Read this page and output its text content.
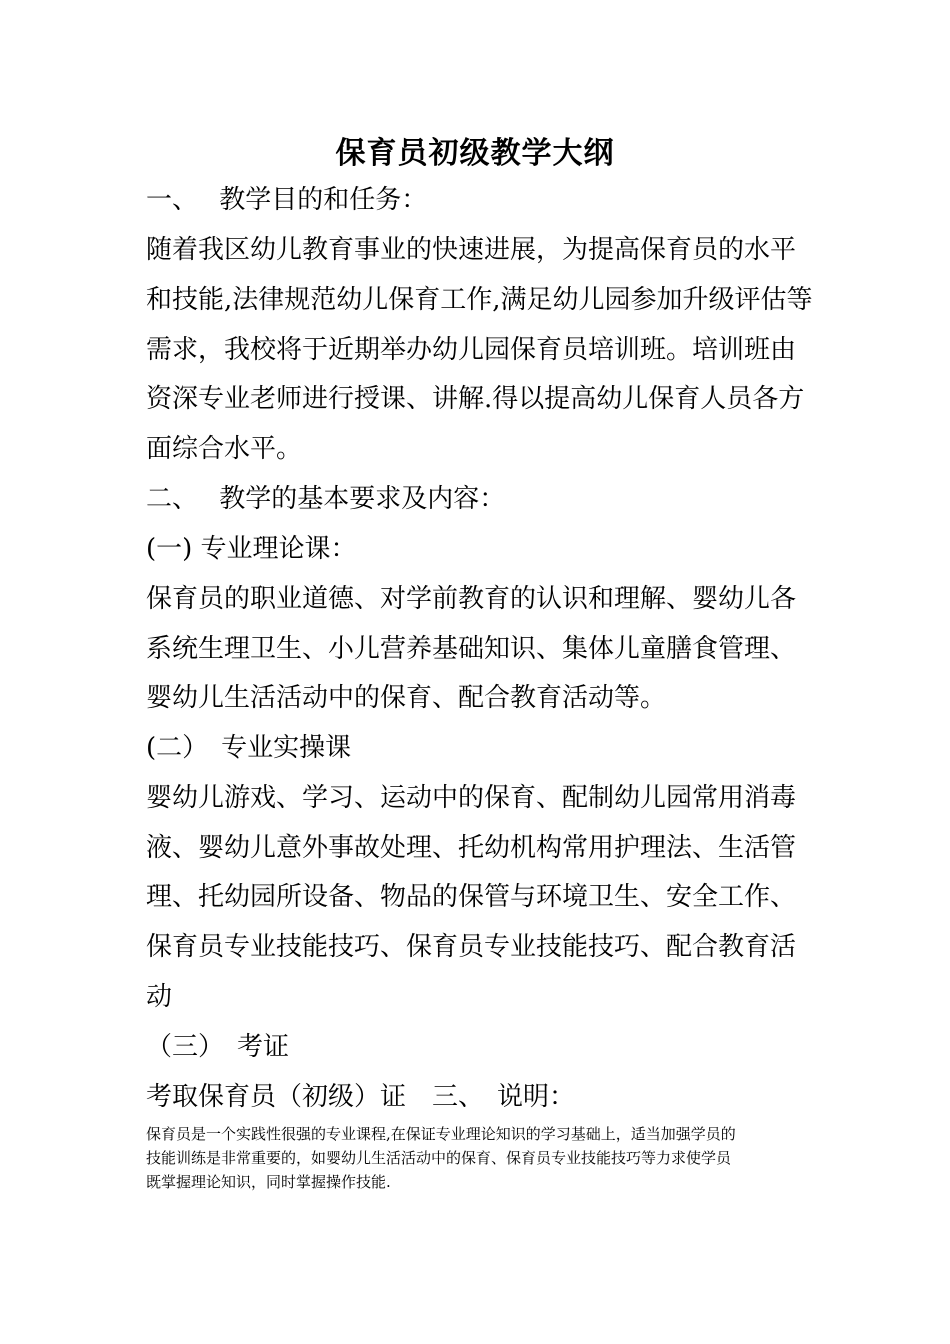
保育员初级教学大纲
一、　 教学目的和任务：
随着我区幼儿教育事业的快速进展，为提高保育员的水平
和技能,法律规范幼儿保育工作,满足幼儿园参加升级评估等
需求，我校将于近期举办幼儿园保育员培训班。培训班由
资深专业老师进行授课、讲解.得以提高幼儿保育人员各方
面综合水平。
二、　 教学的基本要求及内容：
(一) 专业理论课：
保育员的职业道德、对学前教育的认识和理解、婴幼儿各
系统生理卫生、小儿营养基础知识、集体儿童膳食管理、
婴幼儿生活活动中的保育、配合教育活动等。
(二）　专业实操课
婴幼儿游戏、学习、运动中的保育、配制幼儿园常用消毒
液、婴幼儿意外事故处理、托幼机构常用护理法、生活管
理、托幼园所设备、物品的保管与环境卫生、安全工作、
保育员专业技能技巧、保育员专业技能技巧、配合教育活
动
（三）　考证
考取保育员（初级）证　三、　说明：
保育员是一个实践性很强的专业课程,在保证专业理论知识的学习基础上，适当加强学员的
技能训练是非常重要的，如婴幼儿生活活动中的保育、保育员专业技能技巧等力求使学员
既掌握理论知识，同时掌握操作技能.
